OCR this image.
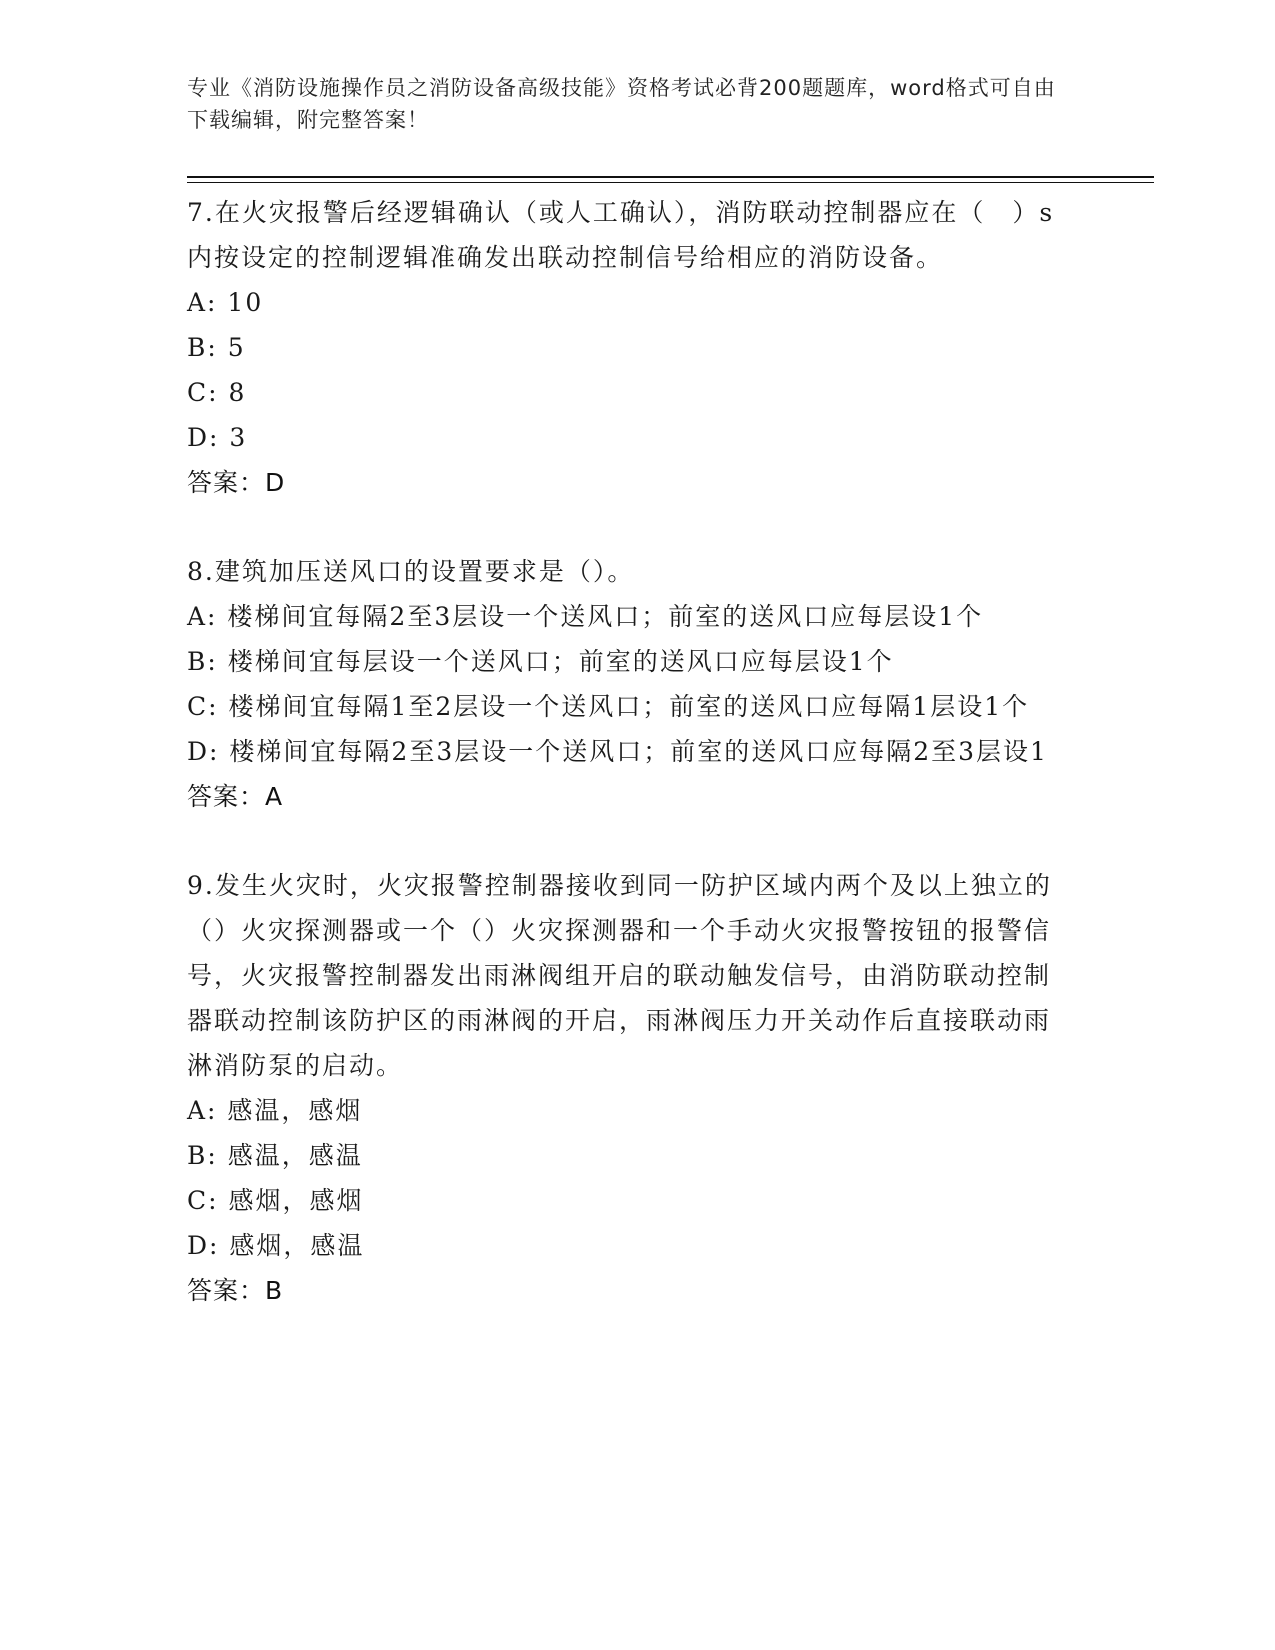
专业《消防设施操作员之消防设备高级技能》资格考试必背200题题库，word格式可自由下载编辑，附完整答案！

7.在火灾报警后经逻辑确认（或人工确认），消防联动控制器应在（　）s内按设定的控制逻辑准确发出联动控制信号给相应的消防设备。

A: 10

B: 5

C: 8

D: 3

答案：D

8.建筑加压送风口的设置要求是（）。

A: 楼梯间宜每隔2至3层设一个送风口；前室的送风口应每层设1个

B: 楼梯间宜每层设一个送风口；前室的送风口应每层设1个

C: 楼梯间宜每隔1至2层设一个送风口；前室的送风口应每隔1层设1个

D: 楼梯间宜每隔2至3层设一个送风口；前室的送风口应每隔2至3层设1

答案：A

9.发生火灾时，火灾报警控制器接收到同一防护区域内两个及以上独立的（）火灾探测器或一个（）火灾探测器和一个手动火灾报警按钮的报警信号，火灾报警控制器发出雨淋阀组开启的联动触发信号，由消防联动控制器联动控制该防护区的雨淋阀的开启，雨淋阀压力开关动作后直接联动雨淋消防泵的启动。

A: 感温，感烟

B: 感温，感温

C: 感烟，感烟

D: 感烟，感温

答案：B
